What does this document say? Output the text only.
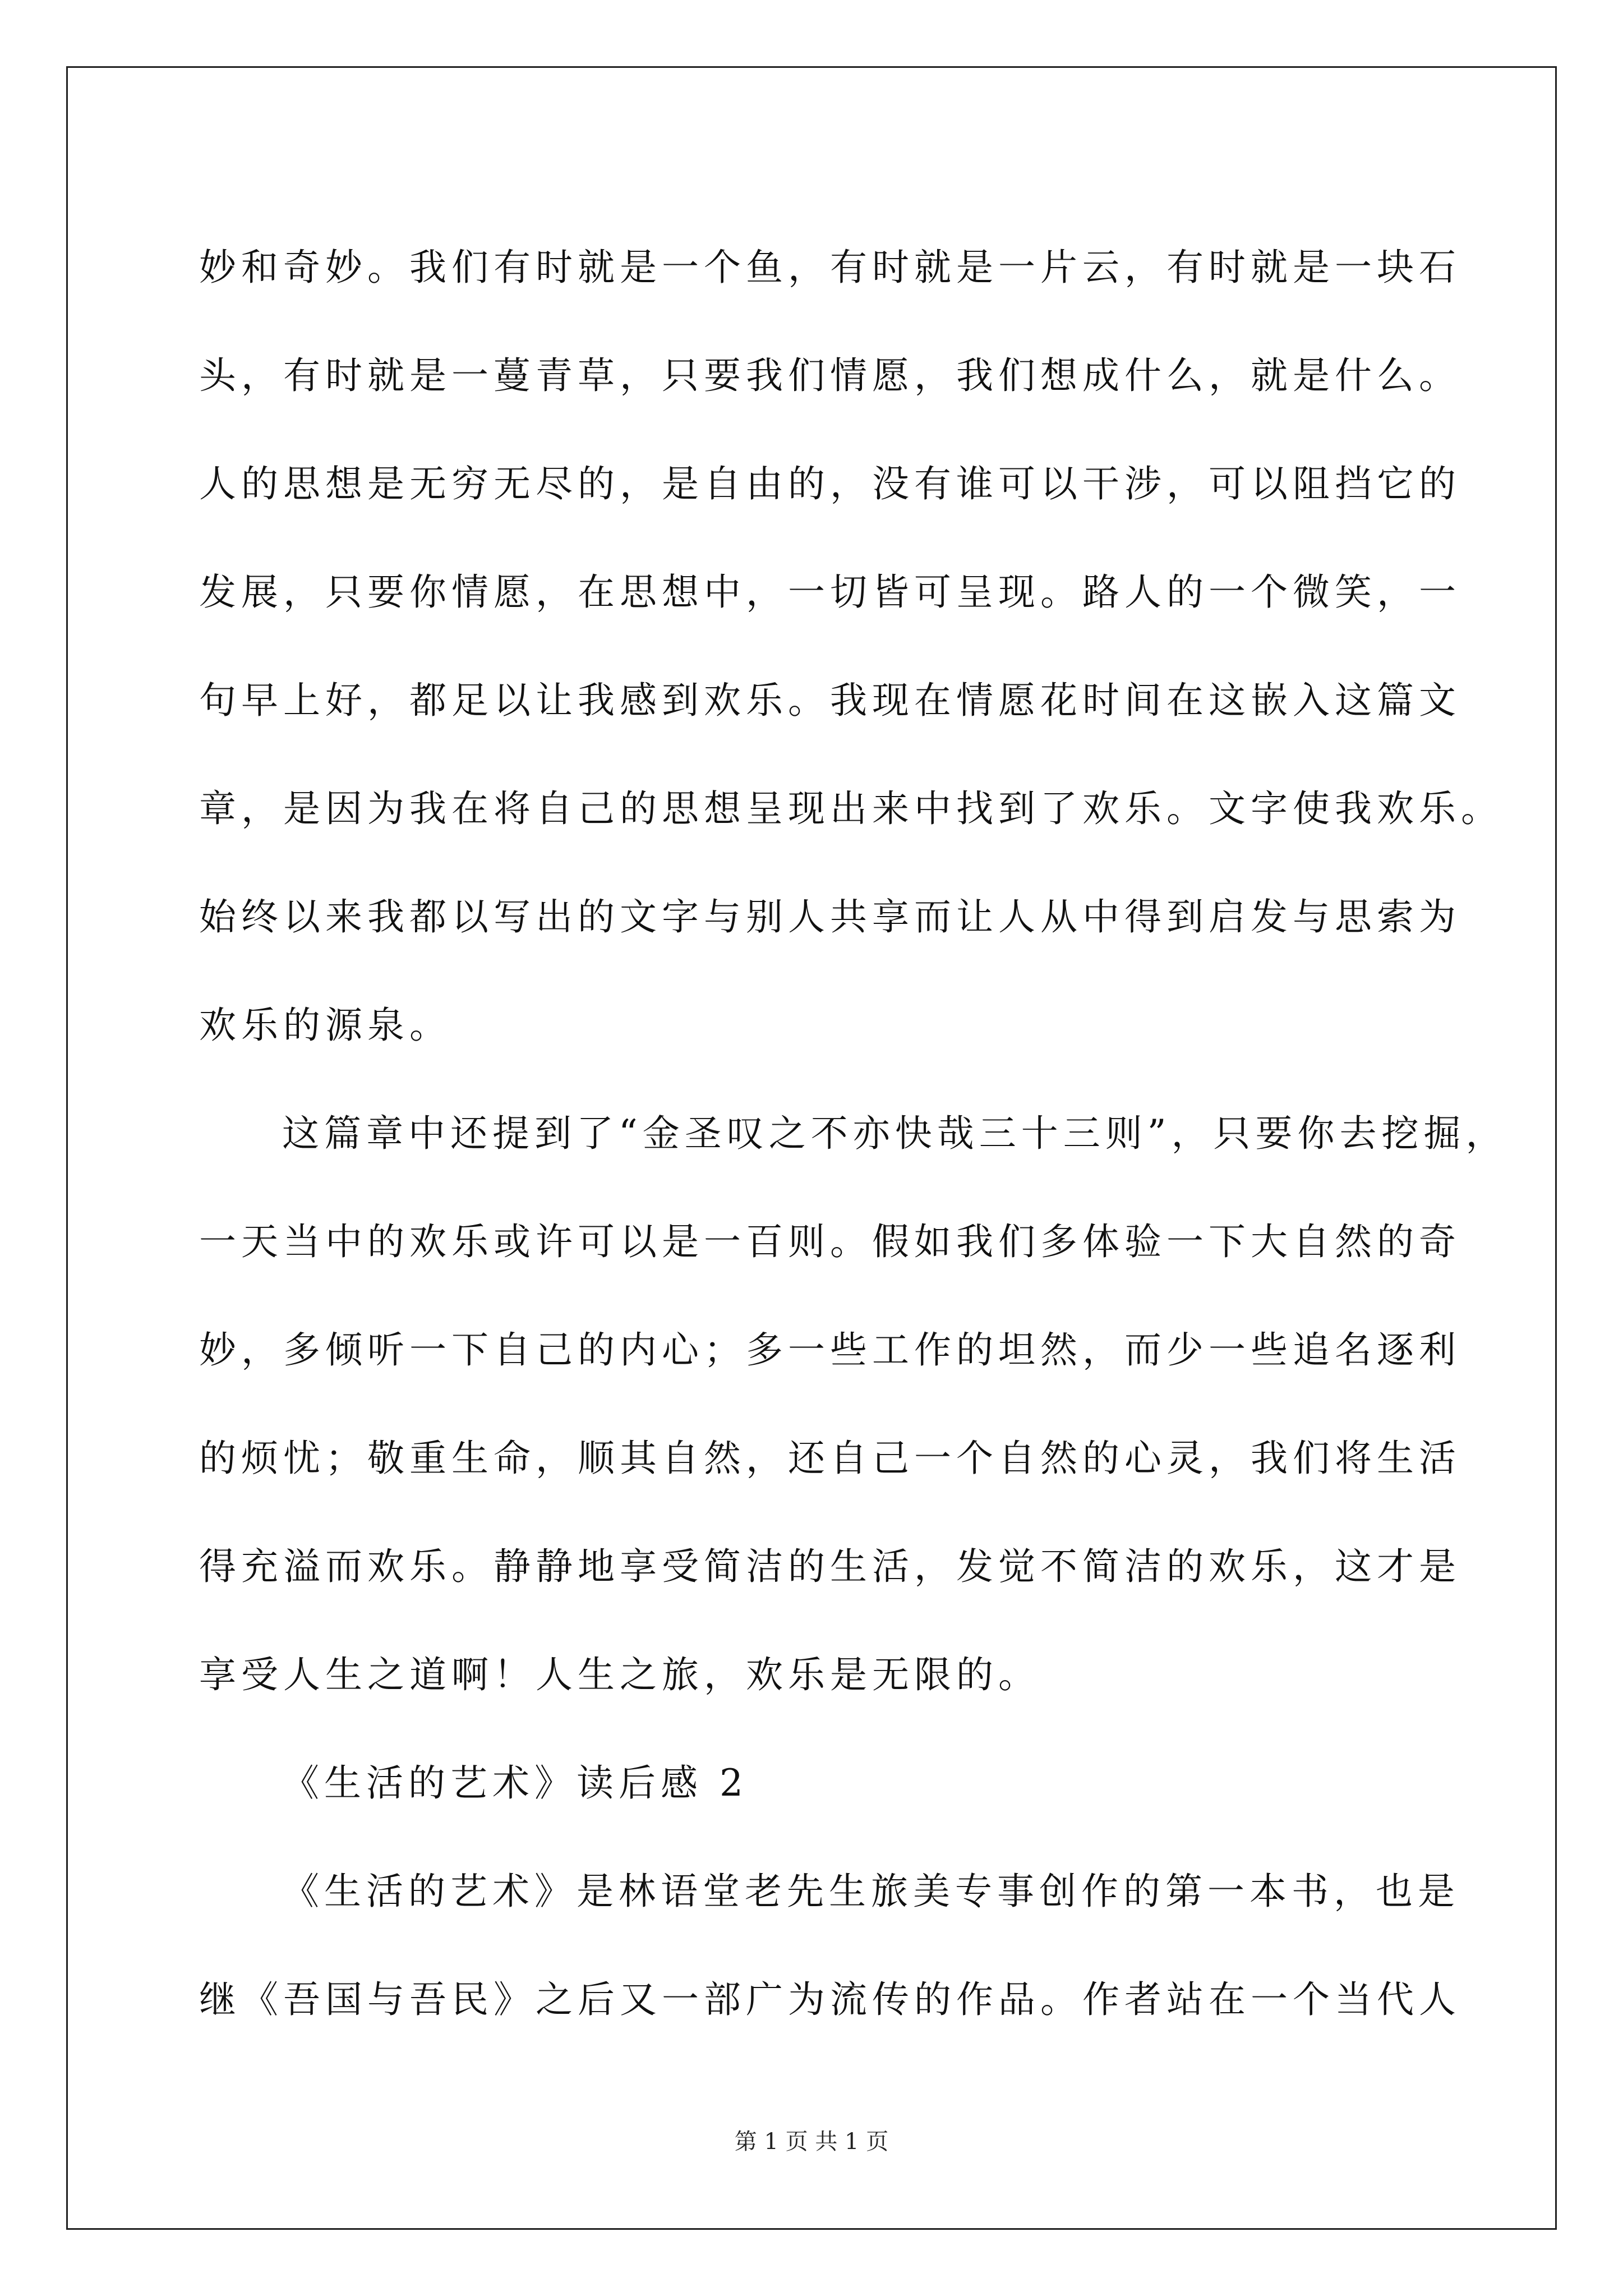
妙和奇妙。我们有时就是一个鱼，有时就是一片云，有时就是一块石
头，有时就是一蔓青草，只要我们情愿，我们想成什么，就是什么。
人的思想是无穷无尽的，是自由的，没有谁可以干涉，可以阻挡它的
发展，只要你情愿，在思想中，一切皆可呈现。路人的一个微笑，一
句早上好，都足以让我感到欢乐。我现在情愿花时间在这嵌入这篇文
章，是因为我在将自己的思想呈现出来中找到了欢乐。文字使我欢乐。
始终以来我都以写出的文字与别人共享而让人从中得到启发与思索为
欢乐的源泉。
这篇章中还提到了“金圣叹之不亦快哉三十三则”，只要你去挖掘，
一天当中的欢乐或许可以是一百则。假如我们多体验一下大自然的奇
妙，多倾听一下自己的内心；多一些工作的坦然，而少一些追名逐利
的烦忧；敬重生命，顺其自然，还自己一个自然的心灵，我们将生活
得充溢而欢乐。静静地享受简洁的生活，发觉不简洁的欢乐，这才是
享受人生之道啊！人生之旅，欢乐是无限的。
《生活的艺术》读后感 2
《生活的艺术》是林语堂老先生旅美专事创作的第一本书，也是
继《吾国与吾民》之后又一部广为流传的作品。作者站在一个当代人
第 1 页 共 1 页
